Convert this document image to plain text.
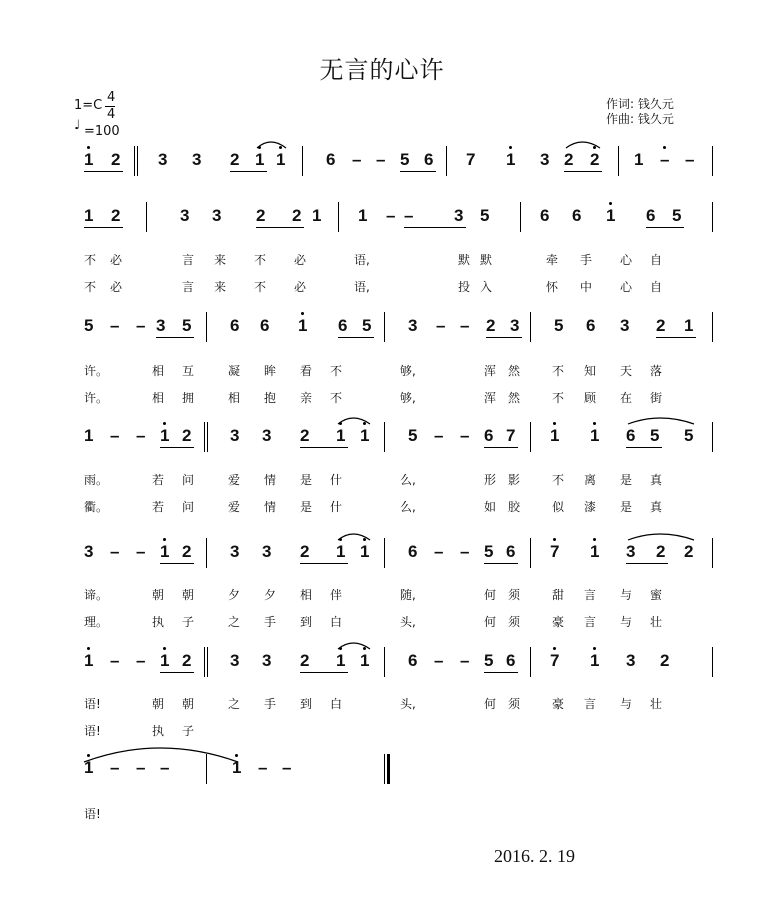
无言的心许
1=C
4
4
♩ =100
作词: 钱久元
作曲: 钱久元
2016. 2. 19
1 2 3 3 2 1 1 6 – – 5 6 7 1 3 2 2 1 – –
1 2	3 3 2 2 1 1 – – 3 5	6 6 1 6 5
不 必	言 来 不 必	语,	默 默	牵 手 心 自
不 必	言 来 不 必	语,	投 入	怀 中 心 自
5 – – 3 5 6 6 1 6 5 3 – – 2 3 5 6 3 2 1
许。	相 互	凝 眸 看 不	够,	浑 然	不 知 天 落
许。	相 拥	相 抱 亲 不	够,	浑 然	不 顾 在 街
1 – – 1 2 3 3 2 1 1 5 – – 6 7 1 1 6 5 5
雨。	若 问	爱 情 是 什	么,	形 影	不 离 是 真
衢。	若 问	爱 情 是 什	么,	如 胶	似 漆 是 真
3 – – 1 2 3 3 2 1 1 6 – – 5 6 7 1 3 2 2
谛。	朝 朝	夕 夕 相 伴	随,	何 须	甜 言 与 蜜
理。	执 子	之 手 到 白	头,	何 须	豪 言 与 壮
1 – – 1 2 3 3 2 1 1 6 – – 5 6 7 1 3 2
语!	朝 朝	之 手 到 白	头,	何 须	豪 言 与 壮
语!	执 子
1 – – –	1 – –
语!
